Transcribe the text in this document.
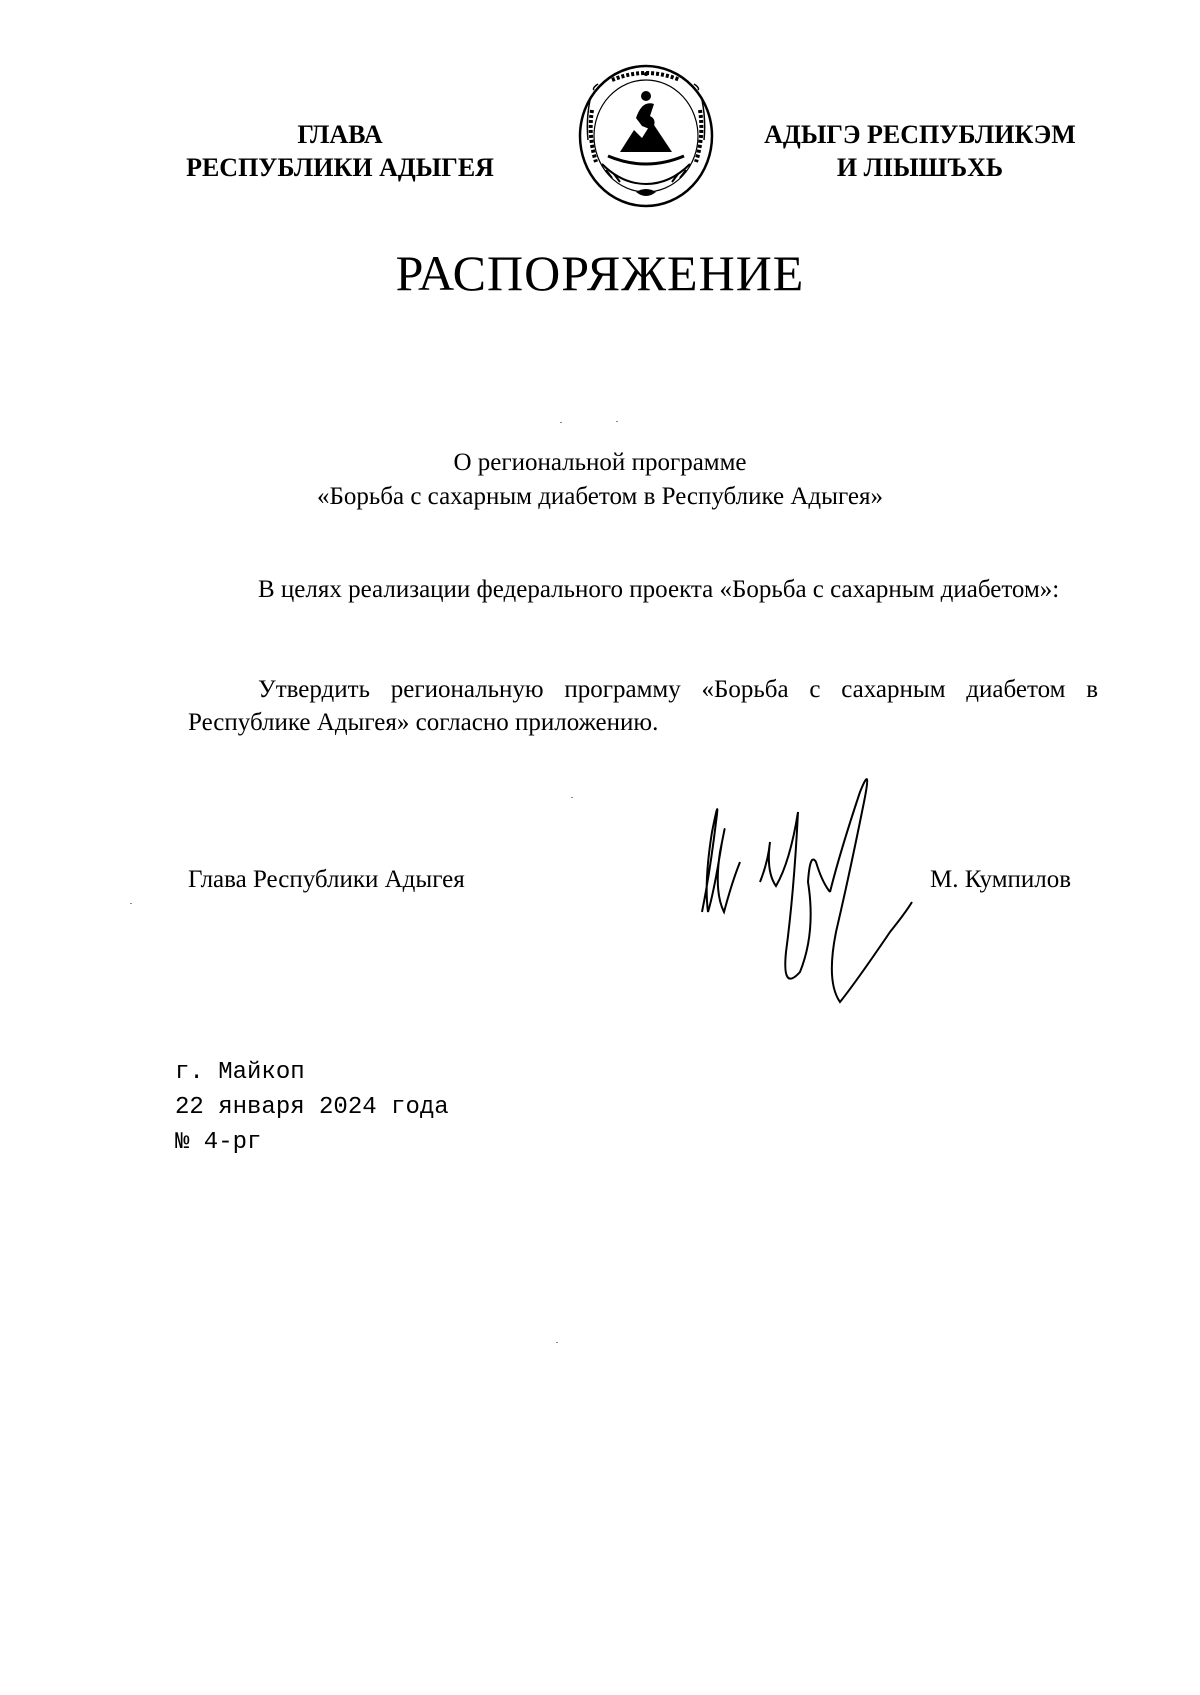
ГЛАВА
РЕСПУБЛИКИ АДЫГЕЯ
АДЫГЭ РЕСПУБЛИКЭМ
И ЛІЫШЪХЬ
РАСПОРЯЖЕНИЕ
О региональной программе
«Борьба с сахарным диабетом в Республике Адыгея»
В целях реализации федерального проекта «Борьба с сахарным диабетом»:
Утвердить региональную программу «Борьба с сахарным диабетом в Республике Адыгея» согласно приложению.
Глава Республики Адыгея	М. Кумпилов
г. Майкоп
22 января 2024 года
№ 4-рг
